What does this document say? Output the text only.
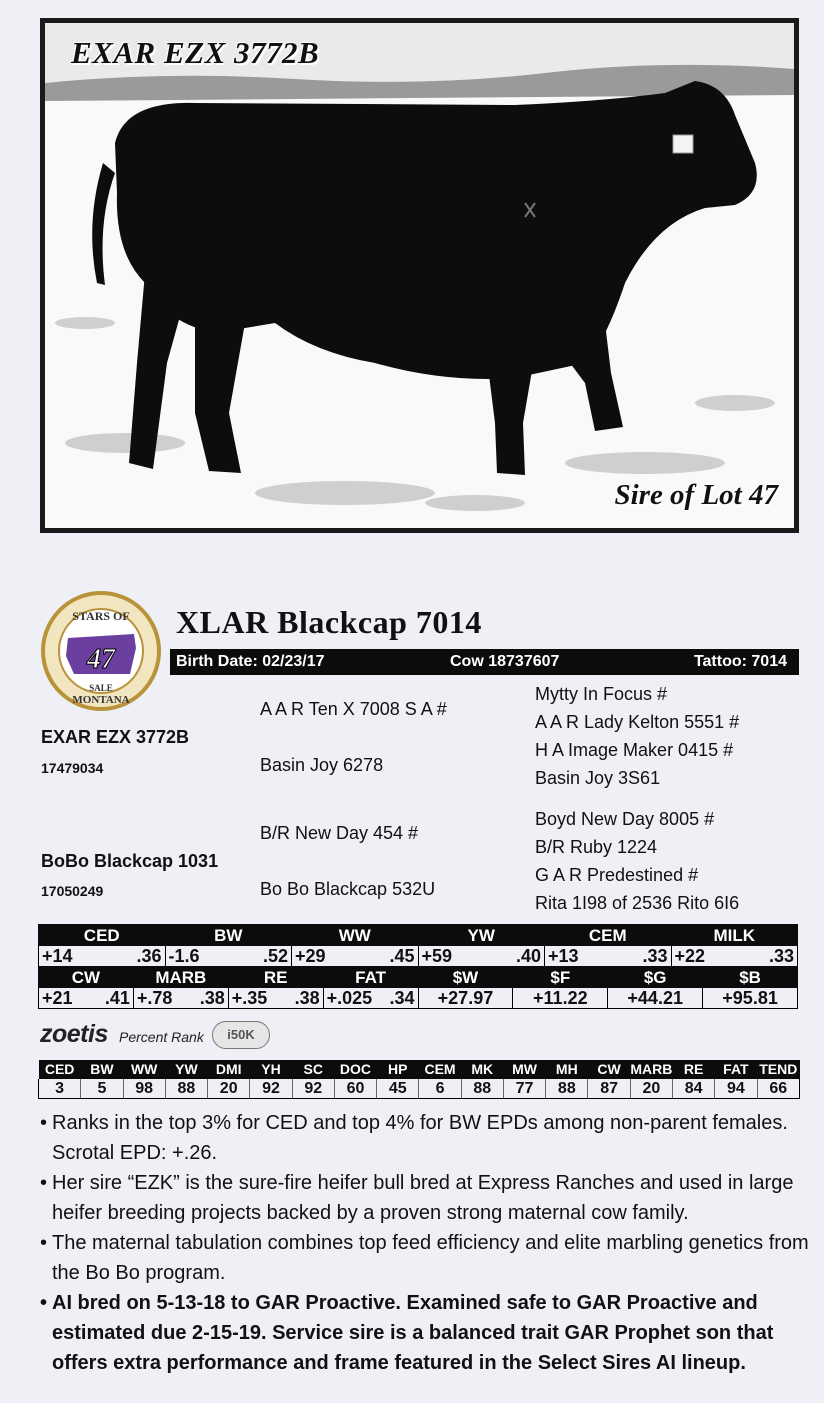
EXAR EZX 3772B
Sire of Lot 47
47
STARS OF
SALE
MONTANA
XLAR Blackcap 7014
Birth Date: 02/23/17	Cow 18737607	Tattoo: 7014
EXAR EZX 3772B
17479034
A A R Ten X 7008 S A #
Basin Joy 6278
Mytty In Focus #
A A R Lady Kelton 5551 #
H A Image Maker 0415 #
Basin Joy 3S61
BoBo Blackcap 1031
17050249
B/R New Day 454 #
Bo Bo Blackcap 532U
Boyd New Day 8005 #
B/R Ruby 1224
G A R Predestined #
Rita 1I98 of 2536 Rito 6I6
CED	BW	WW	YW	CEM	MILK

+14 .36	-1.6 .52	+29 .45	+59 .40	+13 .33	+22 .33
CW	MARB	RE	FAT	$W	$F	$G	$B

+21 .41	+.78 .38	+.35 .38	+.025 .34	+27.97	+11.22	+44.21	+95.81
zoetis Percent Rank	i50K
CED	BW	WW	YW	DMI	YH	SC	DOC	HP	CEM	MK	MW	MH	CW	MARB	RE	FAT	TEND
3	5	98	88	20	92	92	60	45	6	88	77	88	87	20	84	94	66
• Ranks in the top 3% for CED and top 4% for BW EPDs among non-parent females. Scrotal EPD: +.26.
• Her sire “EZK” is the sure-fire heifer bull bred at Express Ranches and used in large heifer breeding projects backed by a proven strong maternal cow family.
• The maternal tabulation combines top feed efficiency and elite marbling genetics from the Bo Bo program.
• AI bred on 5-13-18 to GAR Proactive. Examined safe to GAR Proactive and estimated due 2-15-19. Service sire is a balanced trait GAR Prophet son that offers extra performance and frame featured in the Select Sires AI lineup.
